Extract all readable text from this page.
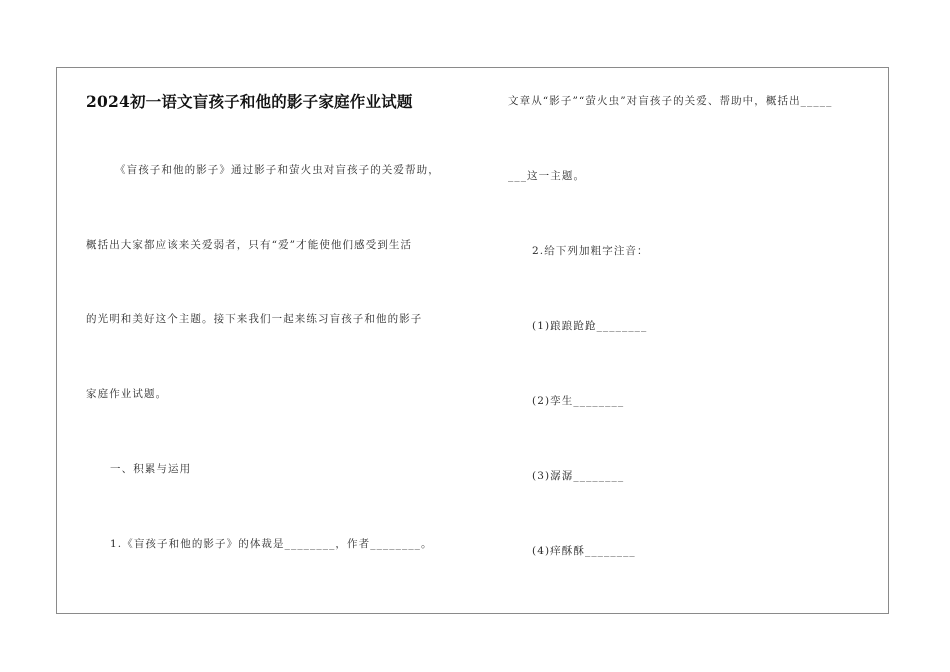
2024初一语文盲孩子和他的影子家庭作业试题
《盲孩子和他的影子》通过影子和萤火虫对盲孩子的关爱帮助，
概括出大家都应该来关爱弱者，只有“爱”才能使他们感受到生活
的光明和美好这个主题。接下来我们一起来练习盲孩子和他的影子
家庭作业试题。
一、积累与运用
1.《盲孩子和他的影子》的体裁是________，作者________。
文章从“影子”“萤火虫”对盲孩子的关爱、帮助中，概括出_____
___这一主题。
2.给下列加粗字注音：
(1)踉踉跄跄________
(2)孪生________
(3)潺潺________
(4)痒酥酥________
